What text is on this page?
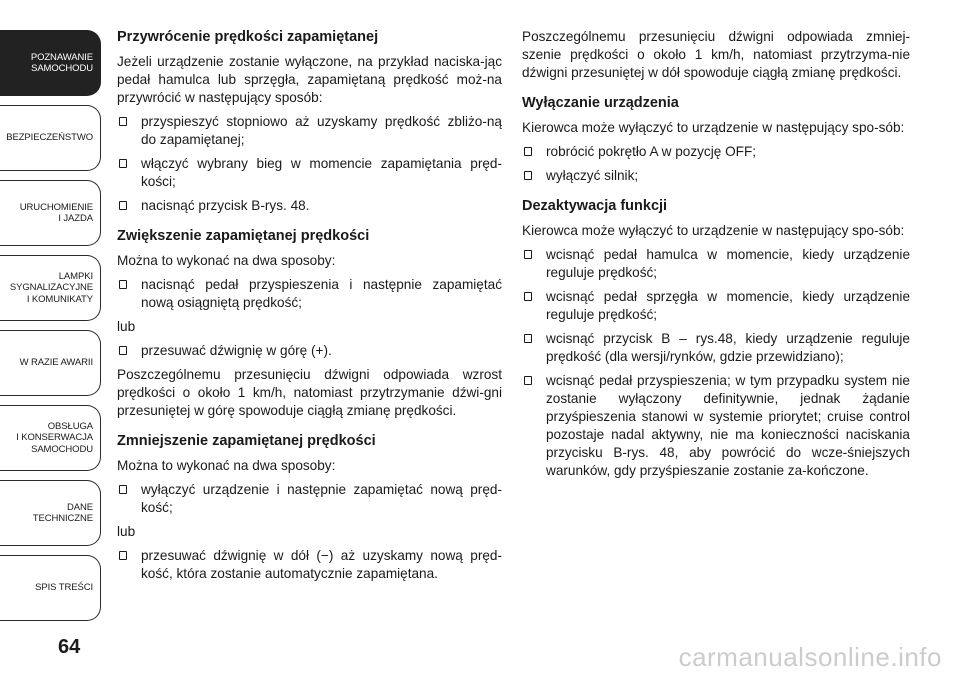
POZNAWANIE
SAMOCHODU
BEZPIECZEŃSTWO
URUCHOMIENIE
I JAZDA
LAMPKI
SYGNALIZACYJNE
I KOMUNIKATY
W RAZIE AWARII
OBSŁUGA
I KONSERWACJA
SAMOCHODU
DANE
TECHNICZNE
SPIS TREŚCI
64
Przywrócenie prędkości zapamiętanej
Jeżeli urządzenie zostanie wyłączone, na przykład naciska-jąc pedał hamulca lub sprzęgła, zapamiętaną prędkość moż-na przywrócić w następujący sposób:
przyspieszyć stopniowo aż uzyskamy prędkość zbliżo-ną do zapamiętanej;
włączyć wybrany bieg w momencie zapamiętania pręd-kości;
nacisnąć przycisk B-rys. 48.
Zwiększenie zapamiętanej prędkości
Można to wykonać na dwa sposoby:
nacisnąć pedał przyspieszenia i następnie zapamiętać nową osiągniętą prędkość;
lub
przesuwać dźwignię w górę (+).
Poszczególnemu przesunięciu dźwigni odpowiada wzrost prędkości o około 1 km/h, natomiast przytrzymanie dźwi-gni przesuniętej w górę spowoduje ciągłą zmianę prędkości.
Zmniejszenie zapamiętanej prędkości
Można to wykonać na dwa sposoby:
wyłączyć urządzenie i następnie zapamiętać nową pręd-kość;
lub
przesuwać dźwignię w dół (−) aż uzyskamy nową pręd-kość, która zostanie automatycznie zapamiętana.
Poszczególnemu przesunięciu dźwigni odpowiada zmniej-szenie prędkości o około 1 km/h, natomiast przytrzyma-nie dźwigni przesuniętej w dół spowoduje ciągłą zmianę prędkości.
Wyłączanie urządzenia
Kierowca może wyłączyć to urządzenie w następujący spo-sób:
robrócić pokrętło A w pozycję OFF;
wyłączyć silnik;
Dezaktywacja funkcji
Kierowca może wyłączyć to urządzenie w następujący spo-sób:
wcisnąć pedał hamulca w momencie, kiedy urządzenie reguluje prędkość;
wcisnąć pedał sprzęgła w momencie, kiedy urządzenie reguluje prędkość;
wcisnąć przycisk B – rys.48, kiedy urządzenie reguluje prędkość (dla wersji/rynków, gdzie przewidziano);
wcisnąć pedał przyspieszenia; w tym przypadku system nie zostanie wyłączony definitywnie, jednak żądanie przyśpieszenia stanowi w systemie priorytet; cruise control pozostaje nadal aktywny, nie ma konieczności naciskania przycisku B-rys. 48, aby powrócić do wcze-śniejszych warunków, gdy przyśpieszanie zostanie za-kończone.
carmanualsonline.info
